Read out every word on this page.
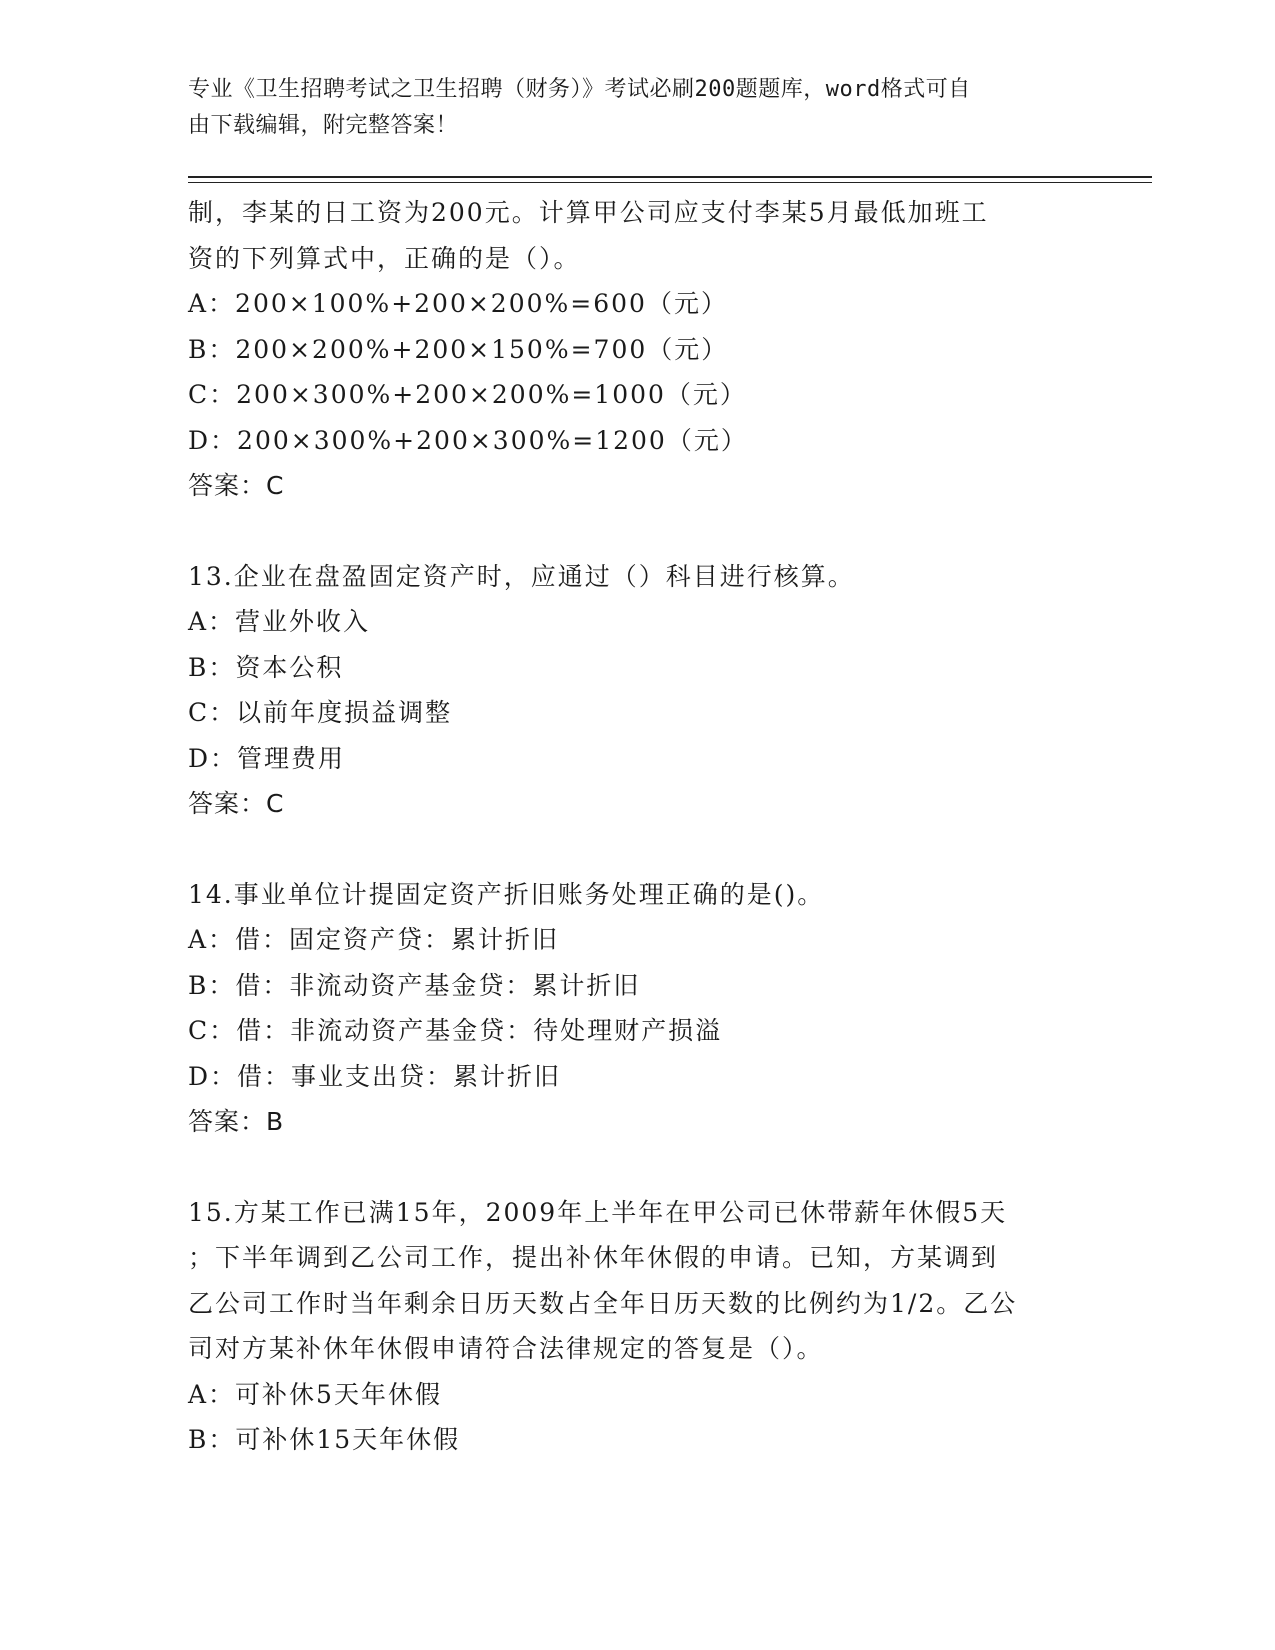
专业《卫生招聘考试之卫生招聘（财务）》考试必刷200题题库，word格式可自
由下载编辑，附完整答案！
制，李某的日工资为200元。计算甲公司应支付李某5月最低加班工
资的下列算式中，正确的是（）。
A：200×100%+200×200%=600（元）
B：200×200%+200×150%=700（元）
C：200×300%+200×200%=1000（元）
D：200×300%+200×300%=1200（元）
答案：C
13.企业在盘盈固定资产时，应通过（）科目进行核算。
A：营业外收入
B：资本公积
C：以前年度损益调整
D：管理费用
答案：C
14.事业单位计提固定资产折旧账务处理正确的是()。
A：借：固定资产贷：累计折旧
B：借：非流动资产基金贷：累计折旧
C：借：非流动资产基金贷：待处理财产损溢
D：借：事业支出贷：累计折旧
答案：B
15.方某工作已满15年，2009年上半年在甲公司已休带薪年休假5天
；下半年调到乙公司工作，提出补休年休假的申请。已知，方某调到
乙公司工作时当年剩余日历天数占全年日历天数的比例约为1/2。乙公
司对方某补休年休假申请符合法律规定的答复是（）。
A：可补休5天年休假
B：可补休15天年休假
